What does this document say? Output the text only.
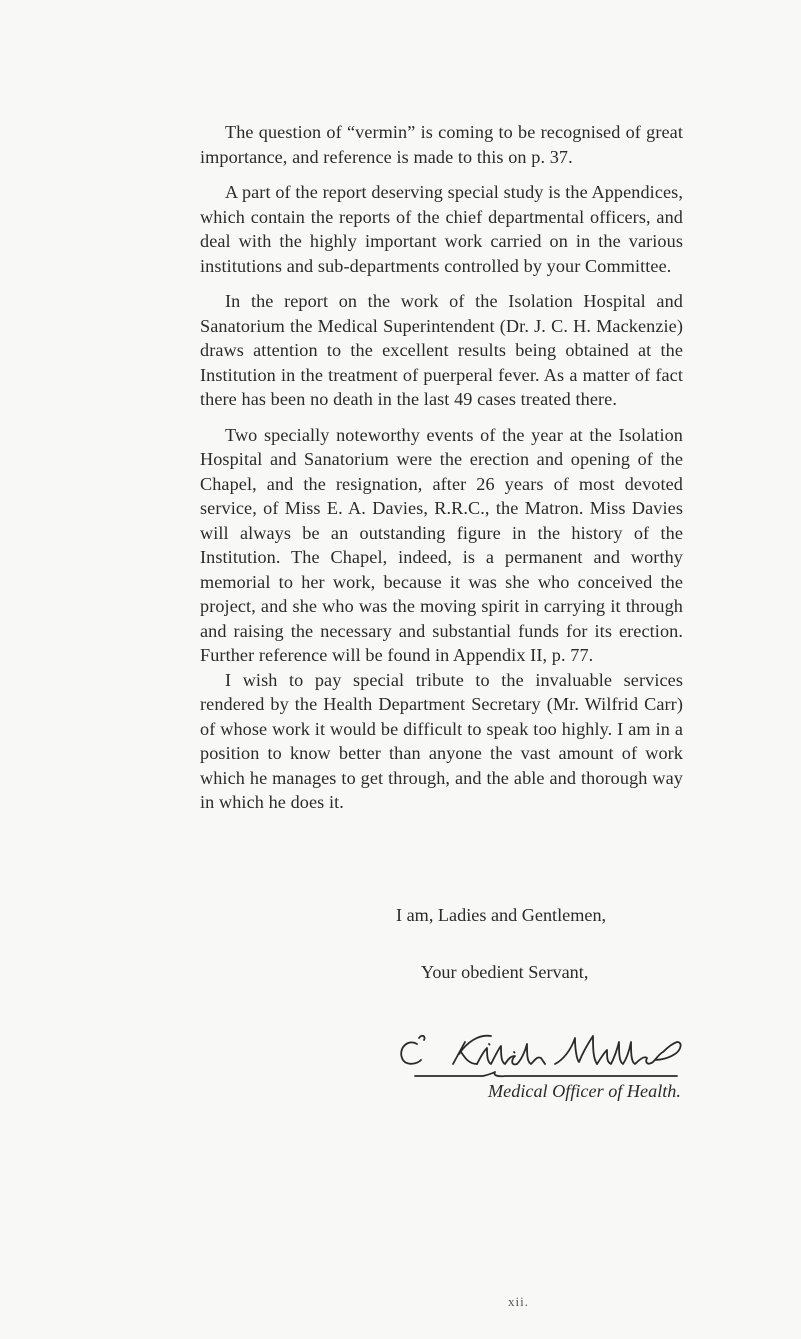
The question of “vermin” is coming to be recognised of great importance, and reference is made to this on p. 37.

A part of the report deserving special study is the Appendices, which contain the reports of the chief departmental officers, and deal with the highly important work carried on in the various institutions and sub-departments controlled by your Committee.

In the report on the work of the Isolation Hospital and Sanatorium the Medical Superintendent (Dr. J. C. H. Mackenzie) draws attention to the excellent results being obtained at the Institution in the treatment of puerperal fever. As a matter of fact there has been no death in the last 49 cases treated there.

Two specially noteworthy events of the year at the Isolation Hospital and Sanatorium were the erection and opening of the Chapel, and the resignation, after 26 years of most devoted service, of Miss E. A. Davies, R.R.C., the Matron. Miss Davies will always be an outstanding figure in the history of the Institution. The Chapel, indeed, is a permanent and worthy memorial to her work, because it was she who conceived the project, and she who was the moving spirit in carrying it through and raising the necessary and substantial funds for its erection. Further reference will be found in Appendix II, p. 77.

I wish to pay special tribute to the invaluable services rendered by the Health Department Secretary (Mr. Wilfrid Carr) of whose work it would be difficult to speak too highly. I am in a position to know better than anyone the vast amount of work which he manages to get through, and the able and thorough way in which he does it.

I am, Ladies and Gentlemen,
Your obedient Servant,
Medical Officer of Health.
xii.
